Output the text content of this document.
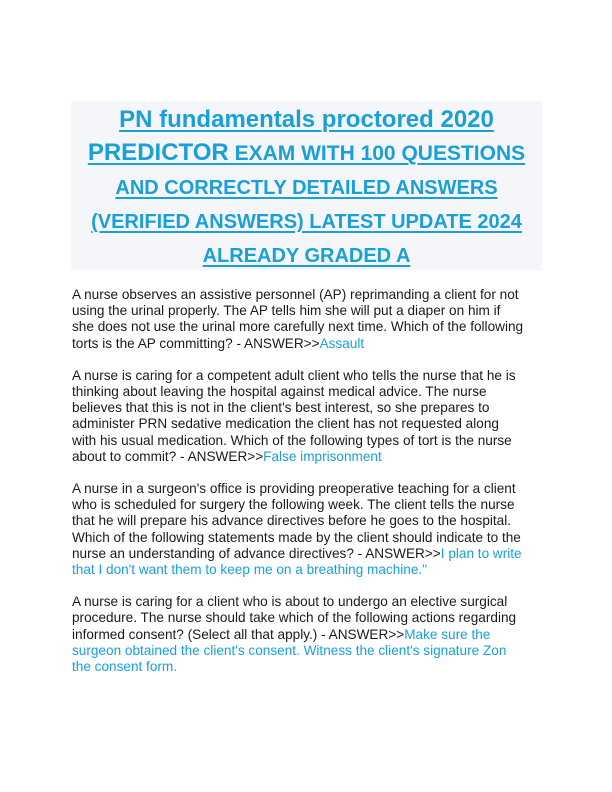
PN fundamentals proctored 2020
PREDICTOR EXAM WITH 100 QUESTIONS
AND CORRECTLY DETAILED ANSWERS
(VERIFIED ANSWERS) LATEST UPDATE 2024
ALREADY GRADED A

A nurse observes an assistive personnel (AP) reprimanding a client for not
using the urinal properly. The AP tells him she will put a diaper on him if
she does not use the urinal more carefully next time. Which of the following
torts is the AP committing? - ANSWER>>Assault

A nurse is caring for a competent adult client who tells the nurse that he is
thinking about leaving the hospital against medical advice. The nurse
believes that this is not in the client's best interest, so she prepares to
administer PRN sedative medication the client has not requested along
with his usual medication. Which of the following types of tort is the nurse
about to commit? - ANSWER>>False imprisonment

A nurse in a surgeon's office is providing preoperative teaching for a client
who is scheduled for surgery the following week. The client tells the nurse
that he will prepare his advance directives before he goes to the hospital.
Which of the following statements made by the client should indicate to the
nurse an understanding of advance directives? - ANSWER>>I plan to write
that I don't want them to keep me on a breathing machine."

A nurse is caring for a client who is about to undergo an elective surgical
procedure. The nurse should take which of the following actions regarding
informed consent? (Select all that apply.) - ANSWER>>Make sure the
surgeon obtained the client's consent. Witness the client's signature Zon
the consent form.
